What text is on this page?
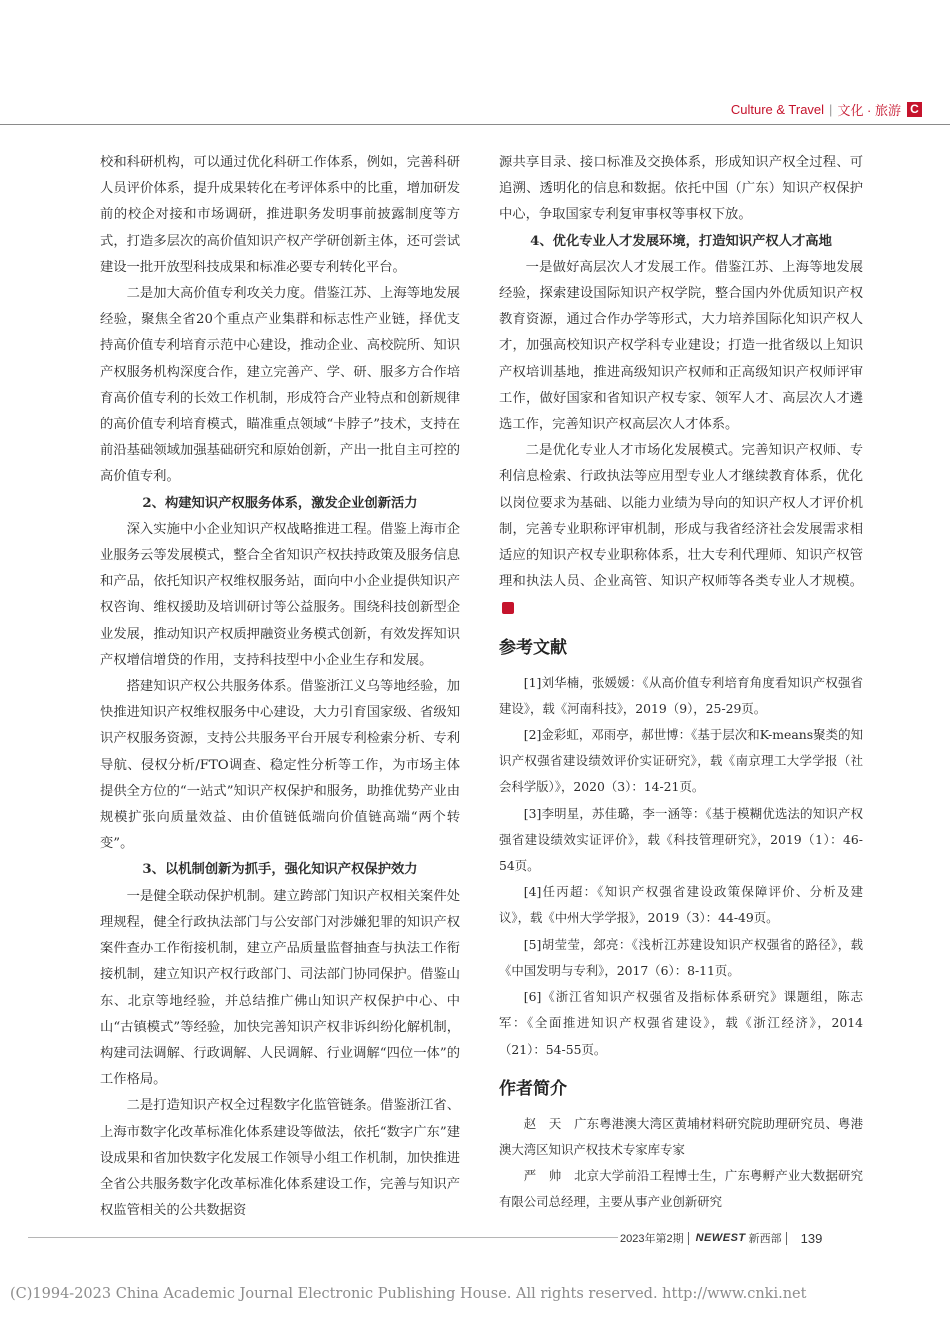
Culture & Travel | 文化 · 旅游 C

校和科研机构，可以通过优化科研工作体系，例如，完善科研人员评价体系，提升成果转化在考评体系中的比重，增加研发前的校企对接和市场调研，推进职务发明事前披露制度等方式，打造多层次的高价值知识产权产学研创新主体，还可尝试建设一批开放型科技成果和标准必要专利转化平台。

二是加大高价值专利攻关力度。借鉴江苏、上海等地发展经验，聚焦全省20个重点产业集群和标志性产业链，择优支持高价值专利培育示范中心建设，推动企业、高校院所、知识产权服务机构深度合作，建立完善产、学、研、服多方合作培育高价值专利的长效工作机制，形成符合产业特点和创新规律的高价值专利培育模式，瞄准重点领域“卡脖子”技术，支持在前沿基础领域加强基础研究和原始创新，产出一批自主可控的高价值专利。

2、构建知识产权服务体系，激发企业创新活力

深入实施中小企业知识产权战略推进工程。借鉴上海市企业服务云等发展模式，整合全省知识产权扶持政策及服务信息和产品，依托知识产权维权服务站，面向中小企业提供知识产权咨询、维权援助及培训研讨等公益服务。围绕科技创新型企业发展，推动知识产权质押融资业务模式创新，有效发挥知识产权增信增贷的作用，支持科技型中小企业生存和发展。

搭建知识产权公共服务体系。借鉴浙江义乌等地经验，加快推进知识产权维权服务中心建设，大力引育国家级、省级知识产权服务资源，支持公共服务平台开展专利检索分析、专利导航、侵权分析/FTO调查、稳定性分析等工作，为市场主体提供全方位的“一站式”知识产权保护和服务，助推优势产业由规模扩张向质量效益、由价值链低端向价值链高端“两个转变”。

3、以机制创新为抓手，强化知识产权保护效力

一是健全联动保护机制。建立跨部门知识产权相关案件处理规程，健全行政执法部门与公安部门对涉嫌犯罪的知识产权案件查办工作衔接机制，建立产品质量监督抽查与执法工作衔接机制，建立知识产权行政部门、司法部门协同保护。借鉴山东、北京等地经验，并总结推广佛山知识产权保护中心、中山“古镇模式”等经验，加快完善知识产权非诉纠纷化解机制，构建司法调解、行政调解、人民调解、行业调解“四位一体”的工作格局。

二是打造知识产权全过程数字化监管链条。借鉴浙江省、上海市数字化改革标准化体系建设等做法，依托“数字广东”建设成果和省加快数字化发展工作领导小组工作机制，加快推进全省公共服务数字化改革标准化体系建设工作，完善与知识产权监管相关的公共数据资

源共享目录、接口标准及交换体系，形成知识产权全过程、可追溯、透明化的信息和数据。依托中国（广东）知识产权保护中心，争取国家专利复审事权等事权下放。

4、优化专业人才发展环境，打造知识产权人才高地

一是做好高层次人才发展工作。借鉴江苏、上海等地发展经验，探索建设国际知识产权学院，整合国内外优质知识产权教育资源，通过合作办学等形式，大力培养国际化知识产权人才，加强高校知识产权学科专业建设；打造一批省级以上知识产权培训基地，推进高级知识产权师和正高级知识产权师评审工作，做好国家和省知识产权专家、领军人才、高层次人才遴选工作，完善知识产权高层次人才体系。

二是优化专业人才市场化发展模式。完善知识产权师、专利信息检索、行政执法等应用型专业人才继续教育体系，优化以岗位要求为基础、以能力业绩为导向的知识产权人才评价机制，完善专业职称评审机制，形成与我省经济社会发展需求相适应的知识产权专业职称体系，壮大专利代理师、知识产权管理和执法人员、企业高管、知识产权师等各类专业人才规模。西

参考文献

[1]刘华楠，张媛媛：《从高价值专利培育角度看知识产权强省建设》，载《河南科技》，2019（9），25-29页。

[2]金彩虹，邓雨亭，郝世博：《基于层次和K-means聚类的知识产权强省建设绩效评价实证研究》，载《南京理工大学学报（社会科学版）》，2020（3）：14-21页。

[3]李明星，苏佳璐，李一涵等：《基于模糊优选法的知识产权强省建设绩效实证评价》，载《科技管理研究》，2019（1）：46-54页。

[4]任丙超：《知识产权强省建设政策保障评价、分析及建议》，载《中州大学学报》，2019（3）：44-49页。

[5]胡莹莹，郐亮：《浅析江苏建设知识产权强省的路径》，载《中国发明与专利》，2017（6）：8-11页。

[6]《浙江省知识产权强省及指标体系研究》课题组，陈志军：《全面推进知识产权强省建设》，载《浙江经济》，2014（21）：54-55页。

作者简介

赵　天　广东粤港澳大湾区黄埔材料研究院助理研究员、粤港澳大湾区知识产权技术专家库专家

严　帅　北京大学前沿工程博士生，广东粤孵产业大数据研究有限公司总经理，主要从事产业创新研究

2023年第2期 NEWEST 新西部 139
(C)1994-2023 China Academic Journal Electronic Publishing House. All rights reserved. http://www.cnki.net
